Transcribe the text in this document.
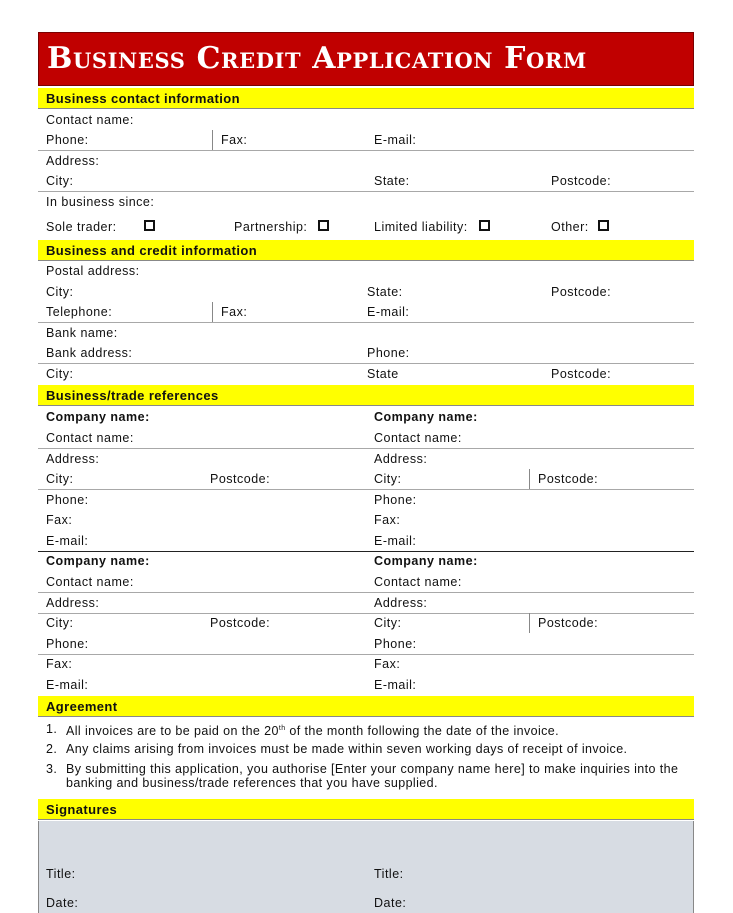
Business Credit Application Form
Business contact information
Contact name:
Phone:	Fax:	E-mail:
Address:
City:	State:	Postcode:
In business since:
Sole trader:	Partnership:	Limited liability:	Other:
Business and credit information
Postal address:
City:	State:	Postcode:
Telephone:	Fax:	E-mail:
Bank name:
Bank address:	Phone:
City:	State	Postcode:
Business/trade references
Company name:	Company name:
Contact name:	Contact name:
Address:	Address:
City:	Postcode:	City:	Postcode:
Phone:	Phone:
Fax:	Fax:
E-mail:	E-mail:
Company name:	Company name:
Contact name:	Contact name:
Address:	Address:
City:	Postcode:	City:	Postcode:
Phone:	Phone:
Fax:	Fax:
E-mail:	E-mail:
Agreement
1. All invoices are to be paid on the 20th of the month following the date of the invoice.
2. Any claims arising from invoices must be made within seven working days of receipt of invoice.
3. By submitting this application, you authorise [Enter your company name here] to make inquiries into the banking and business/trade references that you have supplied.
Signatures
Title:	Title:
Date:	Date:
